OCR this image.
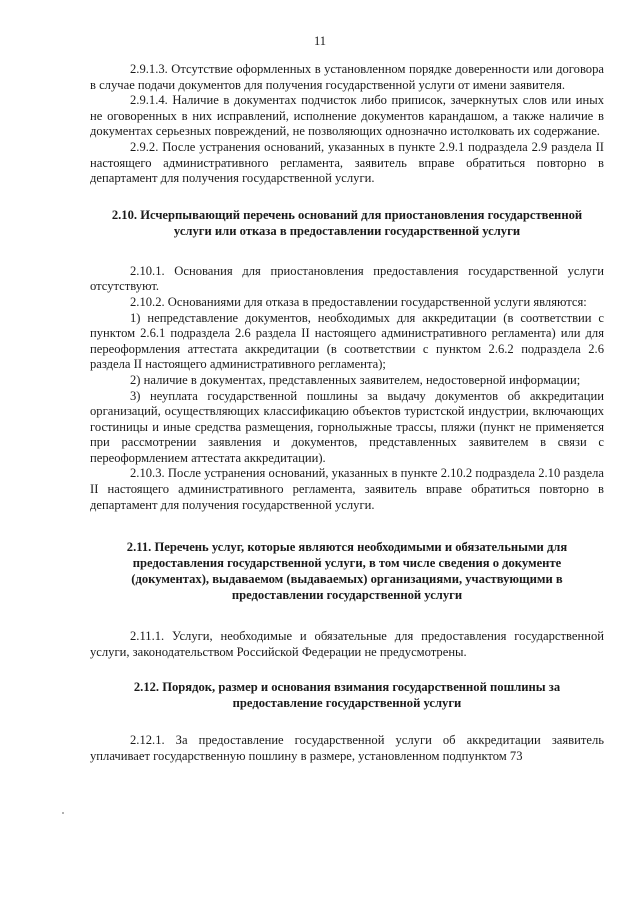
11

2.9.1.3. Отсутствие оформленных в установленном порядке доверенности или договора в случае подачи документов для получения государственной услуги от имени заявителя.

2.9.1.4. Наличие в документах подчисток либо приписок, зачеркнутых слов или иных не оговоренных в них исправлений, исполнение документов карандашом, а также наличие в документах серьезных повреждений, не позволяющих однозначно истолковать их содержание.

2.9.2. После устранения оснований, указанных в пункте 2.9.1 подраздела 2.9 раздела II настоящего административного регламента, заявитель вправе обратиться повторно в департамент для получения государственной услуги.

2.10. Исчерпывающий перечень оснований для приостановления государственной услуги или отказа в предоставлении государственной услуги

2.10.1. Основания для приостановления предоставления государственной услуги отсутствуют.

2.10.2. Основаниями для отказа в предоставлении государственной услуги являются:

1) непредставление документов, необходимых для аккредитации (в соответствии с пунктом 2.6.1 подраздела 2.6 раздела II настоящего административного регламента) или для переоформления аттестата аккредитации (в соответствии с пунктом 2.6.2 подраздела 2.6 раздела II настоящего административного регламента);

2) наличие в документах, представленных заявителем, недостоверной информации;

3) неуплата государственной пошлины за выдачу документов об аккредитации организаций, осуществляющих классификацию объектов туристской индустрии, включающих гостиницы и иные средства размещения, горнолыжные трассы, пляжи (пункт не применяется при рассмотрении заявления и документов, представленных заявителем в связи с переоформлением аттестата аккредитации).

2.10.3. После устранения оснований, указанных в пункте 2.10.2 подраздела 2.10 раздела II настоящего административного регламента, заявитель вправе обратиться повторно в департамент для получения государственной услуги.

2.11. Перечень услуг, которые являются необходимыми и обязательными для предоставления государственной услуги, в том числе сведения о документе (документах), выдаваемом (выдаваемых) организациями, участвующими в предоставлении государственной услуги

2.11.1. Услуги, необходимые и обязательные для предоставления государственной услуги, законодательством Российской Федерации не предусмотрены.

2.12. Порядок, размер и основания взимания государственной пошлины за предоставление государственной услуги

2.12.1. За предоставление государственной услуги об аккредитации заявитель уплачивает государственную пошлину в размере, установленном подпунктом 73
